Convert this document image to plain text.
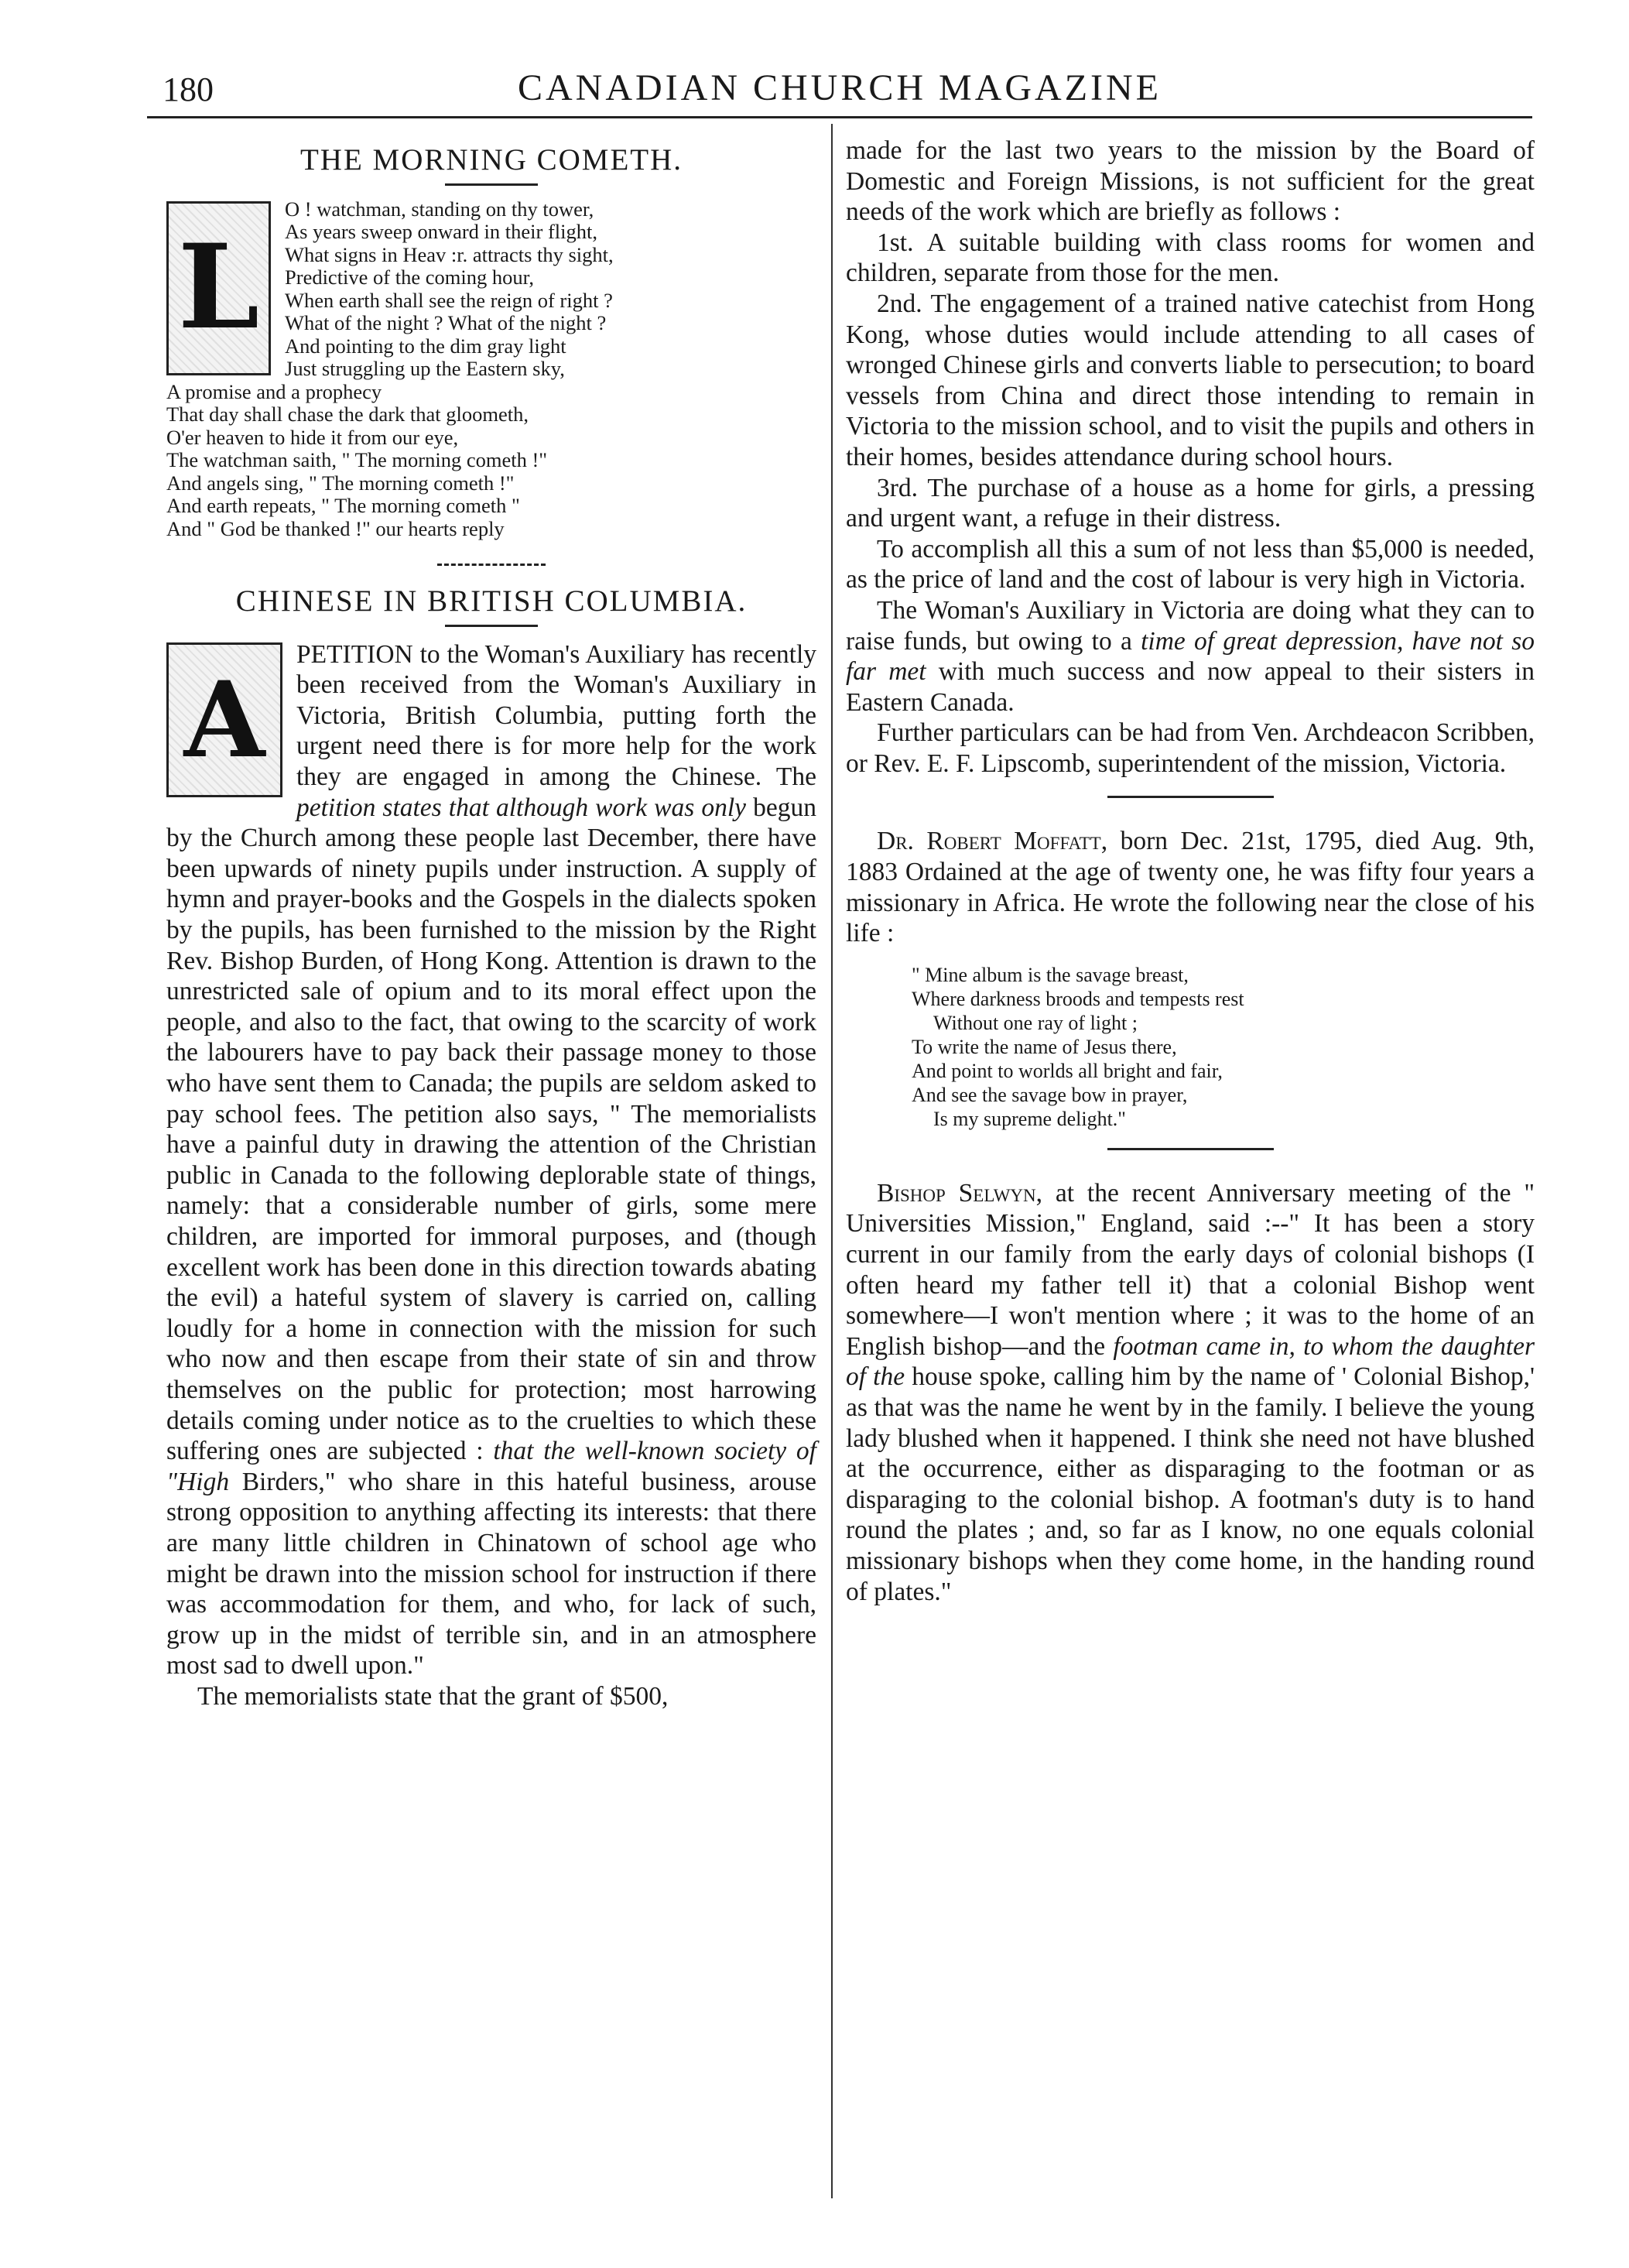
180	CANADIAN CHURCH MAGAZINE
THE MORNING COMETH.
L
O ! watchman, standing on thy tower,
As years sweep onward in their flight,
What signs in Heav :r. attracts thy sight,
Predictive of the coming hour,
When earth shall see the reign of right ?
What of the night ? What of the night ?
And pointing to the dim gray light
Just struggling up the Eastern sky,
A promise and a prophecy
That day shall chase the dark that gloometh,
O'er heaven to hide it from our eye,
The watchman saith, " The morning cometh !"
And angels sing, " The morning cometh !"
And earth repeats, " The morning cometh "
And " God be thanked !" our hearts reply
CHINESE IN BRITISH COLUMBIA.
A

PETITION to the Woman's Auxiliary has recently been received from the Woman's Auxiliary in Victoria, British Columbia, putting forth the urgent need there is for more help for the work they are engaged in among the Chinese. The petition states that although work was only begun by the Church among these people last December, there have been upwards of ninety pupils under instruction. A supply of hymn and prayer-books and the Gospels in the dialects spoken by the pupils, has been furnished to the mission by the Right Rev. Bishop Burden, of Hong Kong. Attention is drawn to the unrestricted sale of opium and to its moral effect upon the people, and also to the fact, that owing to the scarcity of work the labourers have to pay back their passage money to those who have sent them to Canada; the pupils are seldom asked to pay school fees. The petition also says, " The memorialists have a painful duty in drawing the attention of the Christian public in Canada to the following deplorable state of things, namely: that a considerable number of girls, some mere children, are imported for immoral purposes, and (though excellent work has been done in this direction towards abating the evil) a hateful system of slavery is carried on, calling loudly for a home in connection with the mission for such who now and then escape from their state of sin and throw themselves on the public for protection; most harrowing details coming under notice as to the cruelties to which these suffering ones are subjected : that the well-known society of "High Birders," who share in this hateful business, arouse strong opposition to anything affecting its interests: that there are many little children in Chinatown of school age who might be drawn into the mission school for instruction if there was accommodation for them, and who, for lack of such, grow up in the midst of terrible sin, and in an atmosphere most sad to dwell upon."

The memorialists state that the grant of $500,

made for the last two years to the mission by the Board of Domestic and Foreign Missions, is not sufficient for the great needs of the work which are briefly as follows :

1st. A suitable building with class rooms for women and children, separate from those for the men.

2nd. The engagement of a trained native catechist from Hong Kong, whose duties would include attending to all cases of wronged Chinese girls and converts liable to persecution; to board vessels from China and direct those intending to remain in Victoria to the mission school, and to visit the pupils and others in their homes, besides attendance during school hours.

3rd. The purchase of a house as a home for girls, a pressing and urgent want, a refuge in their distress.

To accomplish all this a sum of not less than $5,000 is needed, as the price of land and the cost of labour is very high in Victoria.

The Woman's Auxiliary in Victoria are doing what they can to raise funds, but owing to a time of great depression, have not so far met with much success and now appeal to their sisters in Eastern Canada.

Further particulars can be had from Ven. Archdeacon Scribben, or Rev. E. F. Lipscomb, superintendent of the mission, Victoria.

Dr. Robert Moffatt, born Dec. 21st, 1795, died Aug. 9th, 1883 Ordained at the age of twenty one, he was fifty four years a missionary in Africa. He wrote the following near the close of his life :

" Mine album is the savage breast,
Where darkness broods and tempests rest
Without one ray of light ;
To write the name of Jesus there,
And point to worlds all bright and fair,
And see the savage bow in prayer,
Is my supreme delight."

Bishop Selwyn, at the recent Anniversary meeting of the " Universities Mission," England, said :--" It has been a story current in our family from the early days of colonial bishops (I often heard my father tell it) that a colonial Bishop went somewhere—I won't mention where ; it was to the home of an English bishop—and the footman came in, to whom the daughter of the house spoke, calling him by the name of ' Colonial Bishop,' as that was the name he went by in the family. I believe the young lady blushed when it happened. I think she need not have blushed at the occurrence, either as disparaging to the footman or as disparaging to the colonial bishop. A footman's duty is to hand round the plates ; and, so far as I know, no one equals colonial missionary bishops when they come home, in the handing round of plates."
